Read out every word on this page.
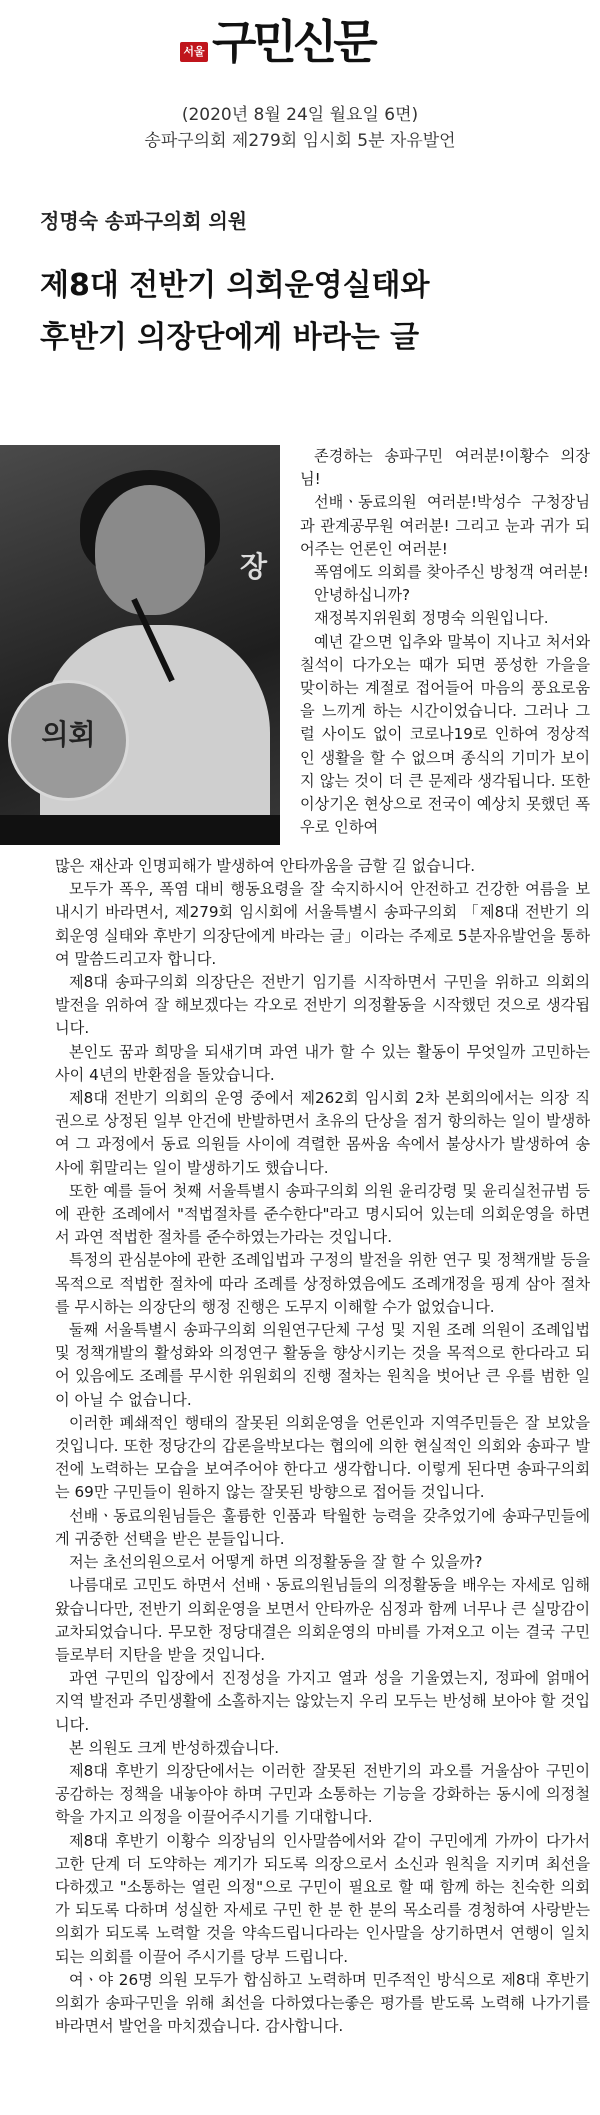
서울 구민신문
(2020년 8월 24일 월요일 6면)
송파구의회 제279회 임시회 5분 자유발언
정명숙 송파구의회 의원
제8대 전반기 의회운영실태와
후반기 의장단에게 바라는 글
장
의회

존경하는 송파구민 여러분!이황수 의장님!

선배ㆍ동료의원 여러분!박성수 구청장님과 관계공무원 여러분! 그리고 눈과 귀가 되어주는 언론인 여러분!

폭염에도 의회를 찾아주신 방청객 여러분!

안녕하십니까?

재정복지위원회 정명숙 의원입니다.

예년 같으면 입추와 말복이 지나고 처서와 칠석이 다가오는 때가 되면 풍성한 가을을 맞이하는 계절로 접어들어 마음의 풍요로움을 느끼게 하는 시간이었습니다. 그러나 그럴 사이도 없이 코로나19로 인하여 정상적인 생활을 할 수 없으며 종식의 기미가 보이지 않는 것이 더 큰 문제라 생각됩니다. 또한 이상기온 현상으로 전국이 예상치 못했던 폭우로 인하여

많은 재산과 인명피해가 발생하여 안타까움을 금할 길 없습니다.

모두가 폭우, 폭염 대비 행동요령을 잘 숙지하시어 안전하고 건강한 여름을 보내시기 바라면서, 제279회 임시회에 서울특별시 송파구의회 「제8대 전반기 의회운영 실태와 후반기 의장단에게 바라는 글」이라는 주제로 5분자유발언을 통하여 말씀드리고자 합니다.

제8대 송파구의회 의장단은 전반기 임기를 시작하면서 구민을 위하고 의회의 발전을 위하여 잘 해보겠다는 각오로 전반기 의정활동을 시작했던 것으로 생각됩니다.

본인도 꿈과 희망을 되새기며 과연 내가 할 수 있는 활동이 무엇일까 고민하는 사이 4년의 반환점을 돌았습니다.

제8대 전반기 의회의 운영 중에서 제262회 임시회 2차 본회의에서는 의장 직권으로 상정된 일부 안건에 반발하면서 초유의 단상을 점거 항의하는 일이 발생하여 그 과정에서 동료 의원들 사이에 격렬한 몸싸움 속에서 불상사가 발생하여 송사에 휘말리는 일이 발생하기도 했습니다.

또한 예를 들어 첫째 서울특별시 송파구의회 의원 윤리강령 및 윤리실천규범 등에 관한 조례에서 "적법절차를 준수한다"라고 명시되어 있는데 의회운영을 하면서 과연 적법한 절차를 준수하였는가라는 것입니다.

특정의 관심분야에 관한 조례입법과 구정의 발전을 위한 연구 및 정책개발 등을 목적으로 적법한 절차에 따라 조례를 상정하였음에도 조례개정을 핑계 삼아 절차를 무시하는 의장단의 행정 진행은 도무지 이해할 수가 없었습니다.

둘째 서울특별시 송파구의회 의원연구단체 구성 및 지원 조례 의원이 조례입법 및 정책개발의 활성화와 의정연구 활동을 향상시키는 것을 목적으로 한다라고 되어 있음에도 조례를 무시한 위원회의 진행 절차는 원칙을 벗어난 큰 우를 범한 일이 아닐 수 없습니다.

이러한 폐쇄적인 행태의 잘못된 의회운영을 언론인과 지역주민들은 잘 보았을 것입니다. 또한 정당간의 갑론을박보다는 협의에 의한 현실적인 의회와 송파구 발전에 노력하는 모습을 보여주어야 한다고 생각합니다. 이렇게 된다면 송파구의회는 69만 구민들이 원하지 않는 잘못된 방향으로 접어들 것입니다.

선배ㆍ동료의원님들은 훌륭한 인품과 탁월한 능력을 갖추었기에 송파구민들에게 귀중한 선택을 받은 분들입니다.

저는 초선의원으로서 어떻게 하면 의정활동을 잘 할 수 있을까?

나름대로 고민도 하면서 선배ㆍ동료의원님들의 의정활동을 배우는 자세로 임해 왔습니다만, 전반기 의회운영을 보면서 안타까운 심정과 함께 너무나 큰 실망감이 교차되었습니다. 무모한 정당대결은 의회운영의 마비를 가져오고 이는 결국 구민들로부터 지탄을 받을 것입니다.

과연 구민의 입장에서 진정성을 가지고 열과 성을 기울였는지, 정파에 얽매어 지역 발전과 주민생활에 소홀하지는 않았는지 우리 모두는 반성해 보아야 할 것입니다.

본 의원도 크게 반성하겠습니다.

제8대 후반기 의장단에서는 이러한 잘못된 전반기의 과오를 거울삼아 구민이 공감하는 정책을 내놓아야 하며 구민과 소통하는 기능을 강화하는 동시에 의정철학을 가지고 의정을 이끌어주시기를 기대합니다.

제8대 후반기 이황수 의장님의 인사말씀에서와 같이 구민에게 가까이 다가서 고한 단계 더 도약하는 계기가 되도록 의장으로서 소신과 원칙을 지키며 최선을 다하겠고 "소통하는 열린 의정"으로 구민이 필요로 할 때 함께 하는 친숙한 의회가 되도록 다하며 성실한 자세로 구민 한 분 한 분의 목소리를 경청하여 사랑받는 의회가 되도록 노력할 것을 약속드립니다라는 인사말을 상기하면서 연행이 일치되는 의회를 이끌어 주시기를 당부 드립니다.

여ㆍ야 26명 의원 모두가 합심하고 노력하며 민주적인 방식으로 제8대 후반기 의회가 송파구민을 위해 최선을 다하였다는좋은 평가를 받도록 노력해 나가기를 바라면서 발언을 마치겠습니다. 감사합니다.
